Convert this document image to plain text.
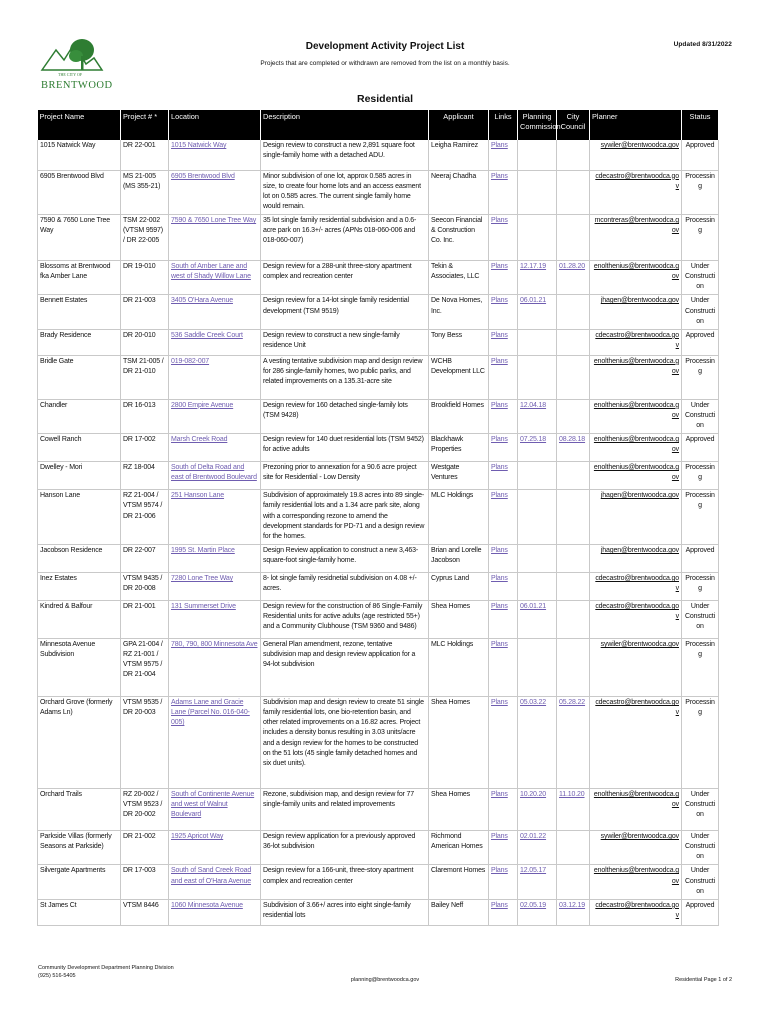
THE CITY OF
BRENTWOOD
Updated 8/31/2022
Development Activity Project List
Projects that are completed or withdrawn are removed from the list on a monthly basis.
Residential
Project Name	Project # *	Location	Description	Applicant	Links	Planning Commission	City Council	Planner	Status
1015 Natwick Way	DR 22-001	1015 Natwick Way	Design review to construct a new 2,891 square foot single-family home with a detached ADU.	Leigha Ramirez	Plans			sywiler@brentwoodca.gov	Approved
6905 Brentwood Blvd	MS 21-005 (MS 355-21)	6905 Brentwood Blvd	Minor subdivision of one lot, approx 0.585 acres in size, to create four home lots and an access easment lot on 0.585 acres. The current single family home would remain.	Neeraj Chadha	Plans			cdecastro@brentwoodca.gov	Processing
7590 & 7650 Lone Tree Way	TSM 22-002 (VTSM 9597) / DR 22-005	7590 & 7650 Lone Tree Way	35 lot single family residential subdivision and a 0.6-acre park on 16.3+/- acres (APNs 018-060-006 and 018-060-007)	Seecon Financial & Construction Co. Inc.	Plans			mcontreras@brentwoodca.gov	Processing
Blossoms at Brentwood fka Amber Lane	DR 19-010	South of Amber Lane and west of Shady Willow Lane	Design review for a 288-unit three-story apartment complex and recreation center	Tekin & Associates, LLC	Plans	12.17.19	01.28.20	enolthenius@brentwoodca.gov	Under Construction
Bennett Estates	DR 21-003	3405 O'Hara Avenue	Design review for a 14-lot single family residential development (TSM 9519)	De Nova Homes, Inc.	Plans	06.01.21		jhagen@brentwoodca.gov	Under Construction
Brady Residence	DR 20-010	536 Saddle Creek Court	Design review to construct a new single-family residence Unit	Tony Bess	Plans			cdecastro@brentwoodca.gov	Approved
Bridle Gate	TSM 21-005 / DR 21-010	019-082-007	A vesting tentative subdivision map and design review for 286 single-family homes, two public parks, and related improvements on a 135.31-acre site	WCHB Development LLC	Plans			enolthenius@brentwoodca.gov	Processing
Chandler	DR 16-013	2800 Empire Avenue	Design review for 160 detached single-family lots (TSM 9428)	Brookfield Homes	Plans	12.04.18		enolthenius@brentwoodca.gov	Under Construction
Cowell Ranch	DR 17-002	Marsh Creek Road	Design review for 140 duet residential lots (TSM 9452) for active adults	Blackhawk Properties	Plans	07.25.18	08.28.18	enolthenius@brentwoodca.gov	Approved
Dwelley - Mori	RZ 18-004	South of Delta Road and east of Brentwood Boulevard	Prezoning prior to annexation for a 90.6 acre project site for Residential - Low Density	Westgate Ventures	Plans			enolthenius@brentwoodca.gov	Processing
Hanson Lane	RZ 21-004 / VTSM 9574 / DR 21-006	251 Hanson Lane	Subdivision of approximately 19.8 acres into 89 single-family residential lots and a 1.34 acre park site, along with a corresponding rezone to amend the development standards for PD-71 and a design review for the homes.	MLC Holdings	Plans			jhagen@brentwoodca.gov	Processing
Jacobson Residence	DR 22-007	1995 St. Martin Place	Design Review application to construct a new 3,463-square-foot single-family home.	Brian and Lorelle Jacobson	Plans			jhagen@brentwoodca.gov	Approved
Inez Estates	VTSM 9435 / DR 20-008	7280 Lone Tree Way	8- lot single family residnetial subdivision on 4.08 +/- acres.	Cyprus Land	Plans			cdecastro@brentwoodca.gov	Processing
Kindred & Balfour	DR 21-001	131 Summerset Drive	Design review for the construction of 86 Single-Family Residential units for active adults (age restricted 55+) and a Community Clubhouse (TSM 9360 and 9486)	Shea Homes	Plans	06.01.21		cdecastro@brentwoodca.gov	Under Construction
Minnesota Avenue Subdivision	GPA 21-004 / RZ 21-001 / VTSM 9575 / DR 21-004	780, 790, 800 Minnesota Ave	General Plan amendment, rezone, tentative subdivision map and design review application for a 94-lot subdivision	MLC Holdings	Plans			sywiler@brentwoodca.gov	Processing
Orchard Grove (formerly Adams Ln)	VTSM 9535 / DR 20-003	Adams Lane and Gracie Lane (Parcel No. 016-040-005)	Subdivision map and design review to create 51 single family residential lots, one bio-retention basin, and other related improvements on a 16.82 acres. Project includes a density bonus resulting in 3.03 units/acre and a design review for the homes to be constructed on the 51 lots (45 single family detached homes and six duet units).	Shea Homes	Plans	05.03.22	05.28.22	cdecastro@brentwoodca.gov	Processing
Orchard Trails	RZ 20-002 / VTSM 9523 / DR 20-002	South of Continente Avenue and west of Walnut Boulevard	Rezone, subdivision map, and design review for 77 single-family units and related improvements	Shea Homes	Plans	10.20.20	11.10.20	enolthenius@brentwoodca.gov	Under Construction
Parkside Villas (formerly Seasons at Parkside)	DR 21-002	1925 Apricot Way	Design review application for a previously approved 36-lot subdivision	Richmond American Homes	Plans	02.01.22		sywiler@brentwoodca.gov	Under Construction
Silvergate Apartments	DR 17-003	South of Sand Creek Road and east of O'Hara Avenue	Design review for a 166-unit, three-story apartment complex and recreation center	Claremont Homes	Plans	12.05.17		enolthenius@brentwoodca.gov	Under Construction
St James Ct	VTSM 8446	1060 Minnesota Avenue	Subdivision of 3.66+/ acres into eight single-family residential lots	Bailey Neff	Plans	02.05.19	03.12.19	cdecastro@brentwoodca.gov	Approved
Community Development Department Planning Division
(925) 516-5405
planning@brentwoodca.gov	Residential Page 1 of 2
